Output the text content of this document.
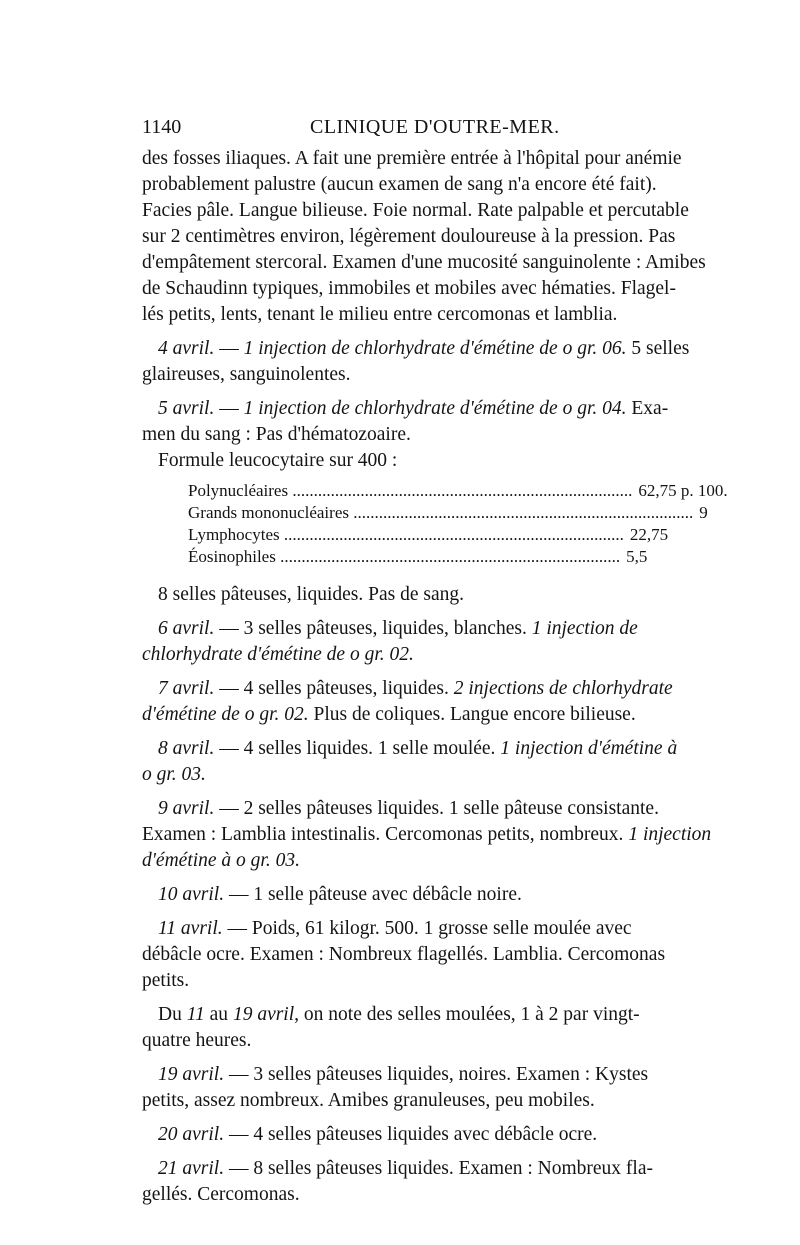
1140	CLINIQUE D'OUTRE-MER.
des fosses iliaques. A fait une première entrée à l'hôpital pour anémie
probablement palustre (aucun examen de sang n'a encore été fait).
Facies pâle. Langue bilieuse. Foie normal. Rate palpable et percutable
sur 2 centimètres environ, légèrement douloureuse à la pression. Pas
d'empâtement stercoral. Examen d'une mucosité sanguinolente : Amibes
de Schaudinn typiques, immobiles et mobiles avec hématies. Flagel-
lés petits, lents, tenant le milieu entre cercomonas et lamblia.
4 avril. — 1 injection de chlorhydrate d'émétine de o gr. 06. 5 selles
glaireuses, sanguinolentes.
5 avril. — 1 injection de chlorhydrate d'émétine de o gr. 04. Exa-
men du sang : Pas d'hématozoaire.
Formule leucocytaire sur 400 :
Polynucléaires ................................................................................ 62,75 p. 100.
Grands mononucléaires ................................................................................ 9
Lymphocytes ................................................................................ 22,75
Éosinophiles ................................................................................ 5,5
8 selles pâteuses, liquides. Pas de sang.
6 avril. — 3 selles pâteuses, liquides, blanches. 1 injection de
chlorhydrate d'émétine de o gr. 02.
7 avril. — 4 selles pâteuses, liquides. 2 injections de chlorhydrate
d'émétine de o gr. 02. Plus de coliques. Langue encore bilieuse.
8 avril. — 4 selles liquides. 1 selle moulée. 1 injection d'émétine à
o gr. 03.
9 avril. — 2 selles pâteuses liquides. 1 selle pâteuse consistante.
Examen : Lamblia intestinalis. Cercomonas petits, nombreux. 1 injection
d'émétine à o gr. 03.
10 avril. — 1 selle pâteuse avec débâcle noire.
11 avril. — Poids, 61 kilogr. 500. 1 grosse selle moulée avec
débâcle ocre. Examen : Nombreux flagellés. Lamblia. Cercomonas
petits.
Du 11 au 19 avril, on note des selles moulées, 1 à 2 par vingt-
quatre heures.
19 avril. — 3 selles pâteuses liquides, noires. Examen : Kystes
petits, assez nombreux. Amibes granuleuses, peu mobiles.
20 avril. — 4 selles pâteuses liquides avec débâcle ocre.
21 avril. — 8 selles pâteuses liquides. Examen : Nombreux fla-
gellés. Cercomonas.
